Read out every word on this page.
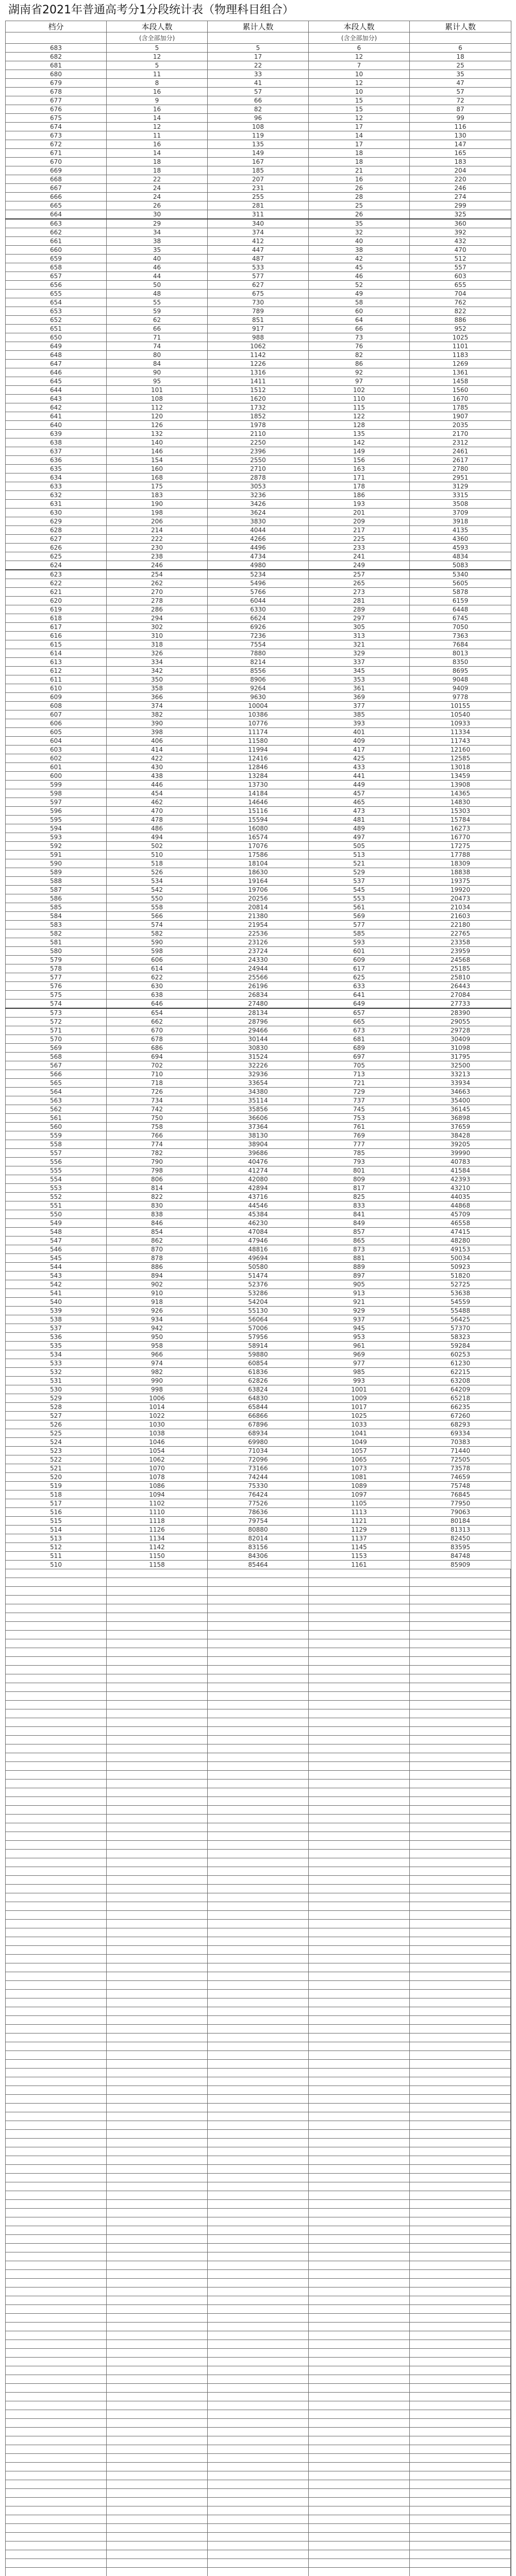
湖南省2021年普通高考分1分段统计表（物理科目组合）
档分	本段人数	累计人数	本段人数	累计人数
	(含全部加分)		(含全部加分)	
683	5	5	6	6
682	12	17	12	18
681	5	22	7	25
680	11	33	10	35
679	8	41	12	47
678	16	57	10	57
677	9	66	15	72
676	16	82	15	87
675	14	96	12	99
674	12	108	17	116
673	11	119	14	130
672	16	135	17	147
671	14	149	18	165
670	18	167	18	183
669	18	185	21	204
668	22	207	16	220
667	24	231	26	246
666	24	255	28	274
665	26	281	25	299
664	30	311	26	325
663	29	340	35	360
662	34	374	32	392
661	38	412	40	432
660	35	447	38	470
659	40	487	42	512
658	46	533	45	557
657	44	577	46	603
656	50	627	52	655
655	48	675	49	704
654	55	730	58	762
653	59	789	60	822
652	62	851	64	886
651	66	917	66	952
650	71	988	73	1025
649	74	1062	76	1101
648	80	1142	82	1183
647	84	1226	86	1269
646	90	1316	92	1361
645	95	1411	97	1458
644	101	1512	102	1560
643	108	1620	110	1670
642	112	1732	115	1785
641	120	1852	122	1907
640	126	1978	128	2035
639	132	2110	135	2170
638	140	2250	142	2312
637	146	2396	149	2461
636	154	2550	156	2617
635	160	2710	163	2780
634	168	2878	171	2951
633	175	3053	178	3129
632	183	3236	186	3315
631	190	3426	193	3508
630	198	3624	201	3709
629	206	3830	209	3918
628	214	4044	217	4135
627	222	4266	225	4360
626	230	4496	233	4593
625	238	4734	241	4834
624	246	4980	249	5083
623	254	5234	257	5340
622	262	5496	265	5605
621	270	5766	273	5878
620	278	6044	281	6159
619	286	6330	289	6448
618	294	6624	297	6745
617	302	6926	305	7050
616	310	7236	313	7363
615	318	7554	321	7684
614	326	7880	329	8013
613	334	8214	337	8350
612	342	8556	345	8695
611	350	8906	353	9048
610	358	9264	361	9409
609	366	9630	369	9778
608	374	10004	377	10155
607	382	10386	385	10540
606	390	10776	393	10933
605	398	11174	401	11334
604	406	11580	409	11743
603	414	11994	417	12160
602	422	12416	425	12585
601	430	12846	433	13018
600	438	13284	441	13459
599	446	13730	449	13908
598	454	14184	457	14365
597	462	14646	465	14830
596	470	15116	473	15303
595	478	15594	481	15784
594	486	16080	489	16273
593	494	16574	497	16770
592	502	17076	505	17275
591	510	17586	513	17788
590	518	18104	521	18309
589	526	18630	529	18838
588	534	19164	537	19375
587	542	19706	545	19920
586	550	20256	553	20473
585	558	20814	561	21034
584	566	21380	569	21603
583	574	21954	577	22180
582	582	22536	585	22765
581	590	23126	593	23358
580	598	23724	601	23959
579	606	24330	609	24568
578	614	24944	617	25185
577	622	25566	625	25810
576	630	26196	633	26443
575	638	26834	641	27084
574	646	27480	649	27733
573	654	28134	657	28390
572	662	28796	665	29055
571	670	29466	673	29728
570	678	30144	681	30409
569	686	30830	689	31098
568	694	31524	697	31795
567	702	32226	705	32500
566	710	32936	713	33213
565	718	33654	721	33934
564	726	34380	729	34663
563	734	35114	737	35400
562	742	35856	745	36145
561	750	36606	753	36898
560	758	37364	761	37659
559	766	38130	769	38428
558	774	38904	777	39205
557	782	39686	785	39990
556	790	40476	793	40783
555	798	41274	801	41584
554	806	42080	809	42393
553	814	42894	817	43210
552	822	43716	825	44035
551	830	44546	833	44868
550	838	45384	841	45709
549	846	46230	849	46558
548	854	47084	857	47415
547	862	47946	865	48280
546	870	48816	873	49153
545	878	49694	881	50034
544	886	50580	889	50923
543	894	51474	897	51820
542	902	52376	905	52725
541	910	53286	913	53638
540	918	54204	921	54559
539	926	55130	929	55488
538	934	56064	937	56425
537	942	57006	945	57370
536	950	57956	953	58323
535	958	58914	961	59284
534	966	59880	969	60253
533	974	60854	977	61230
532	982	61836	985	62215
531	990	62826	993	63208
530	998	63824	1001	64209
529	1006	64830	1009	65218
528	1014	65844	1017	66235
527	1022	66866	1025	67260
526	1030	67896	1033	68293
525	1038	68934	1041	69334
524	1046	69980	1049	70383
523	1054	71034	1057	71440
522	1062	72096	1065	72505
521	1070	73166	1073	73578
520	1078	74244	1081	74659
519	1086	75330	1089	75748
518	1094	76424	1097	76845
517	1102	77526	1105	77950
516	1110	78636	1113	79063
515	1118	79754	1121	80184
514	1126	80880	1129	81313
513	1134	82014	1137	82450
512	1142	83156	1145	83595
511	1150	84306	1153	84748
510	1158	85464	1161	85909
